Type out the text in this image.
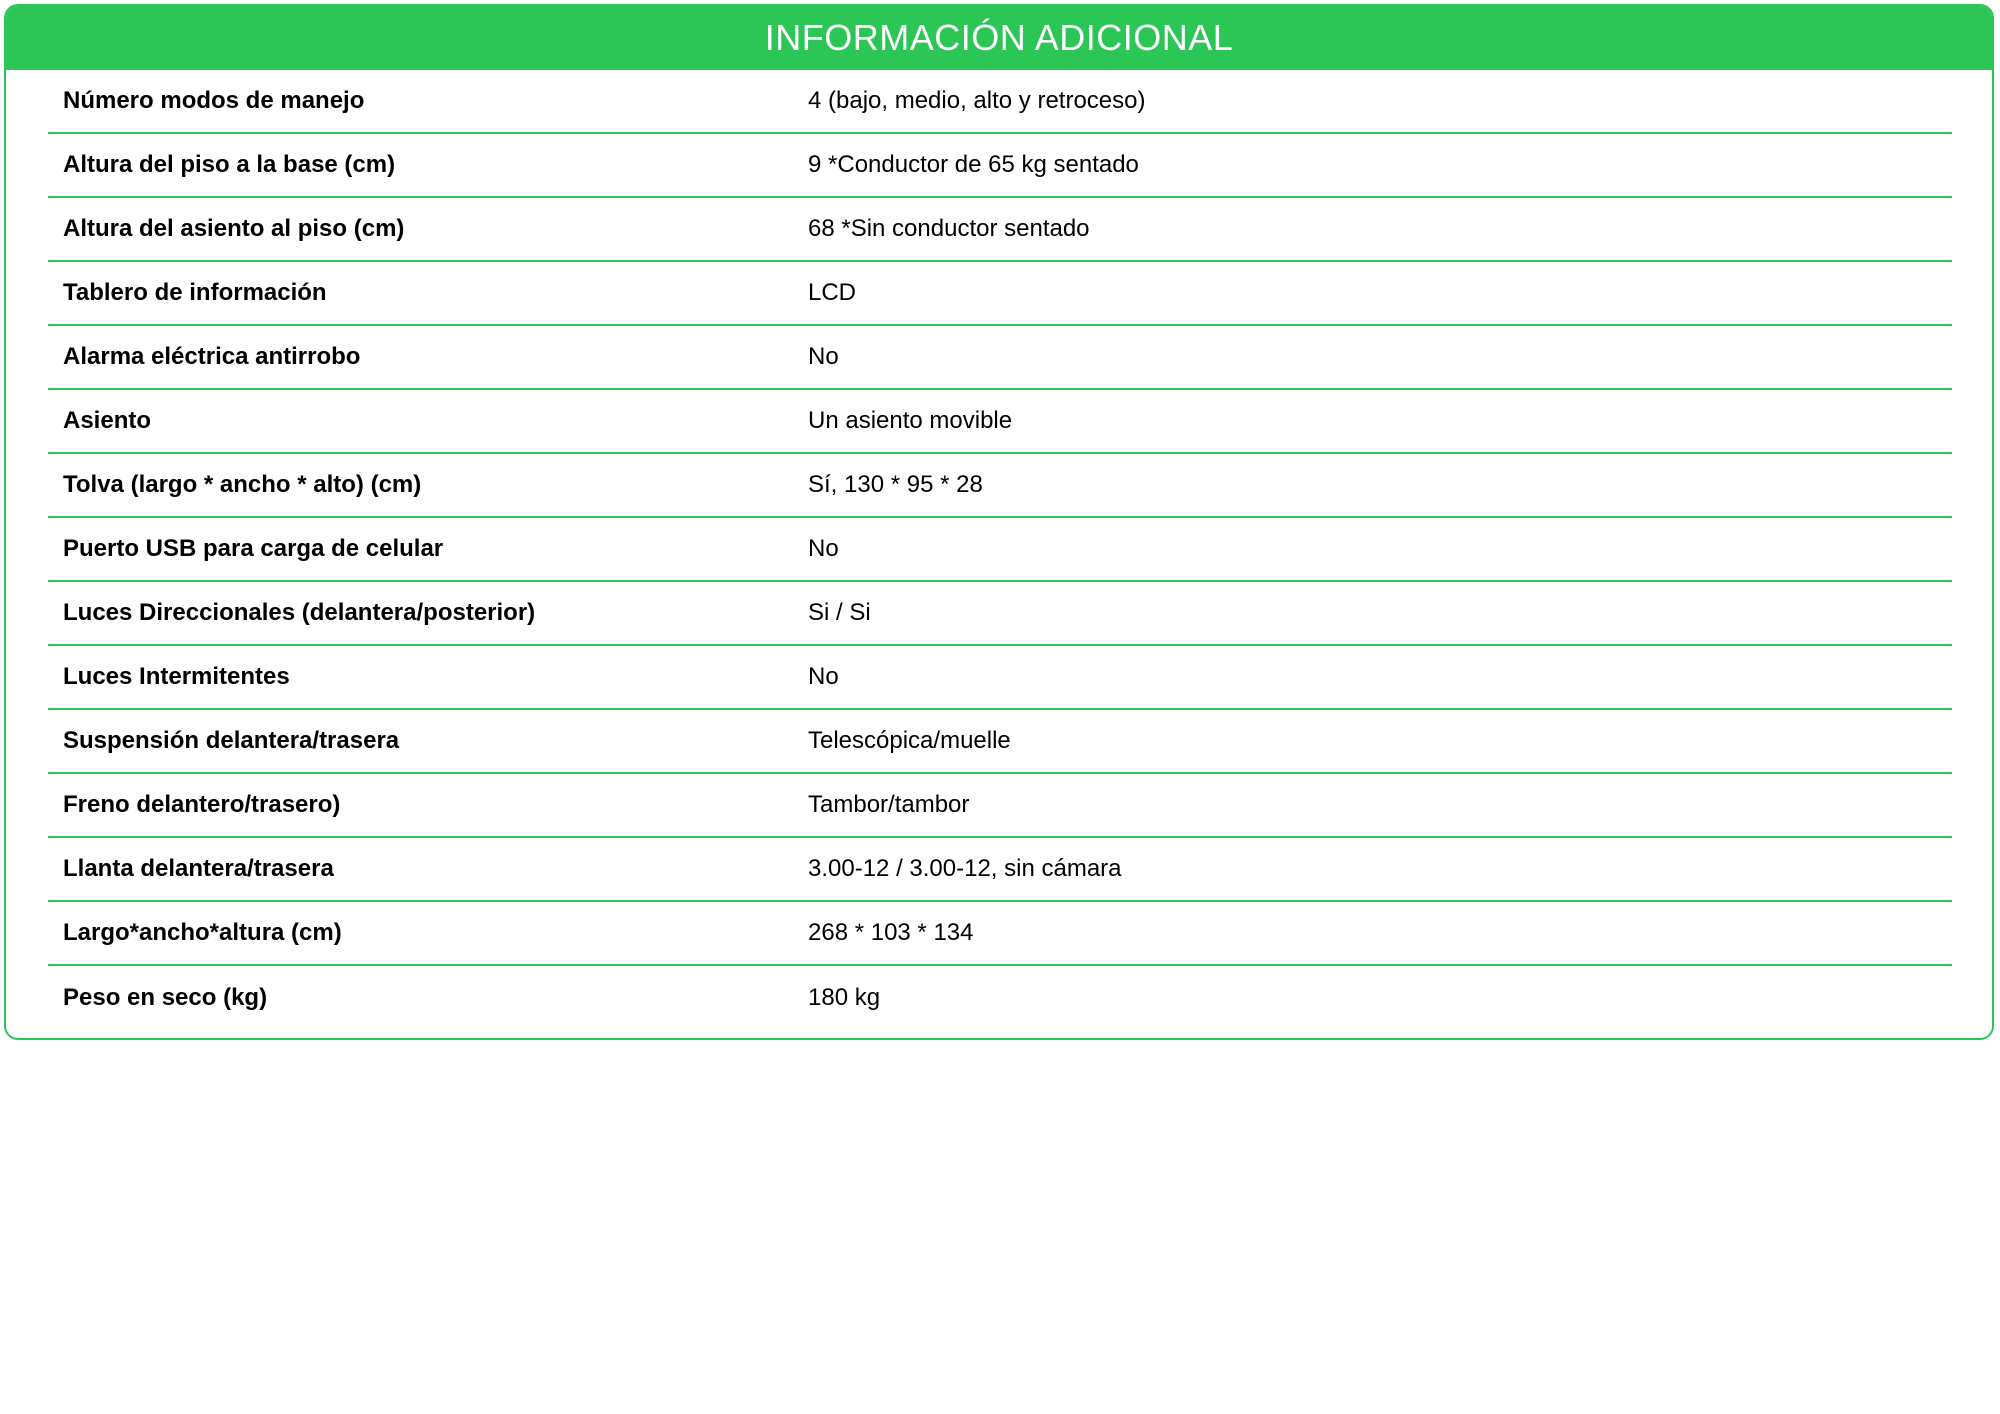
INFORMACIÓN ADICIONAL
Número modos de manejo	4 (bajo, medio, alto y retroceso)
Altura del piso a la base (cm)	9 *Conductor de 65 kg sentado
Altura del asiento al piso (cm)	68 *Sin conductor sentado
Tablero de información	LCD
Alarma eléctrica antirrobo	No
Asiento	Un asiento movible
Tolva (largo * ancho * alto) (cm)	Sí, 130 * 95 * 28
Puerto USB para carga de celular	No
Luces Direccionales (delantera/posterior)	Si / Si
Luces Intermitentes	No
Suspensión delantera/trasera	Telescópica/muelle
Freno delantero/trasero)	Tambor/tambor
Llanta delantera/trasera	3.00-12 / 3.00-12, sin cámara
Largo*ancho*altura (cm)	268 * 103 * 134
Peso en seco (kg)	180 kg
